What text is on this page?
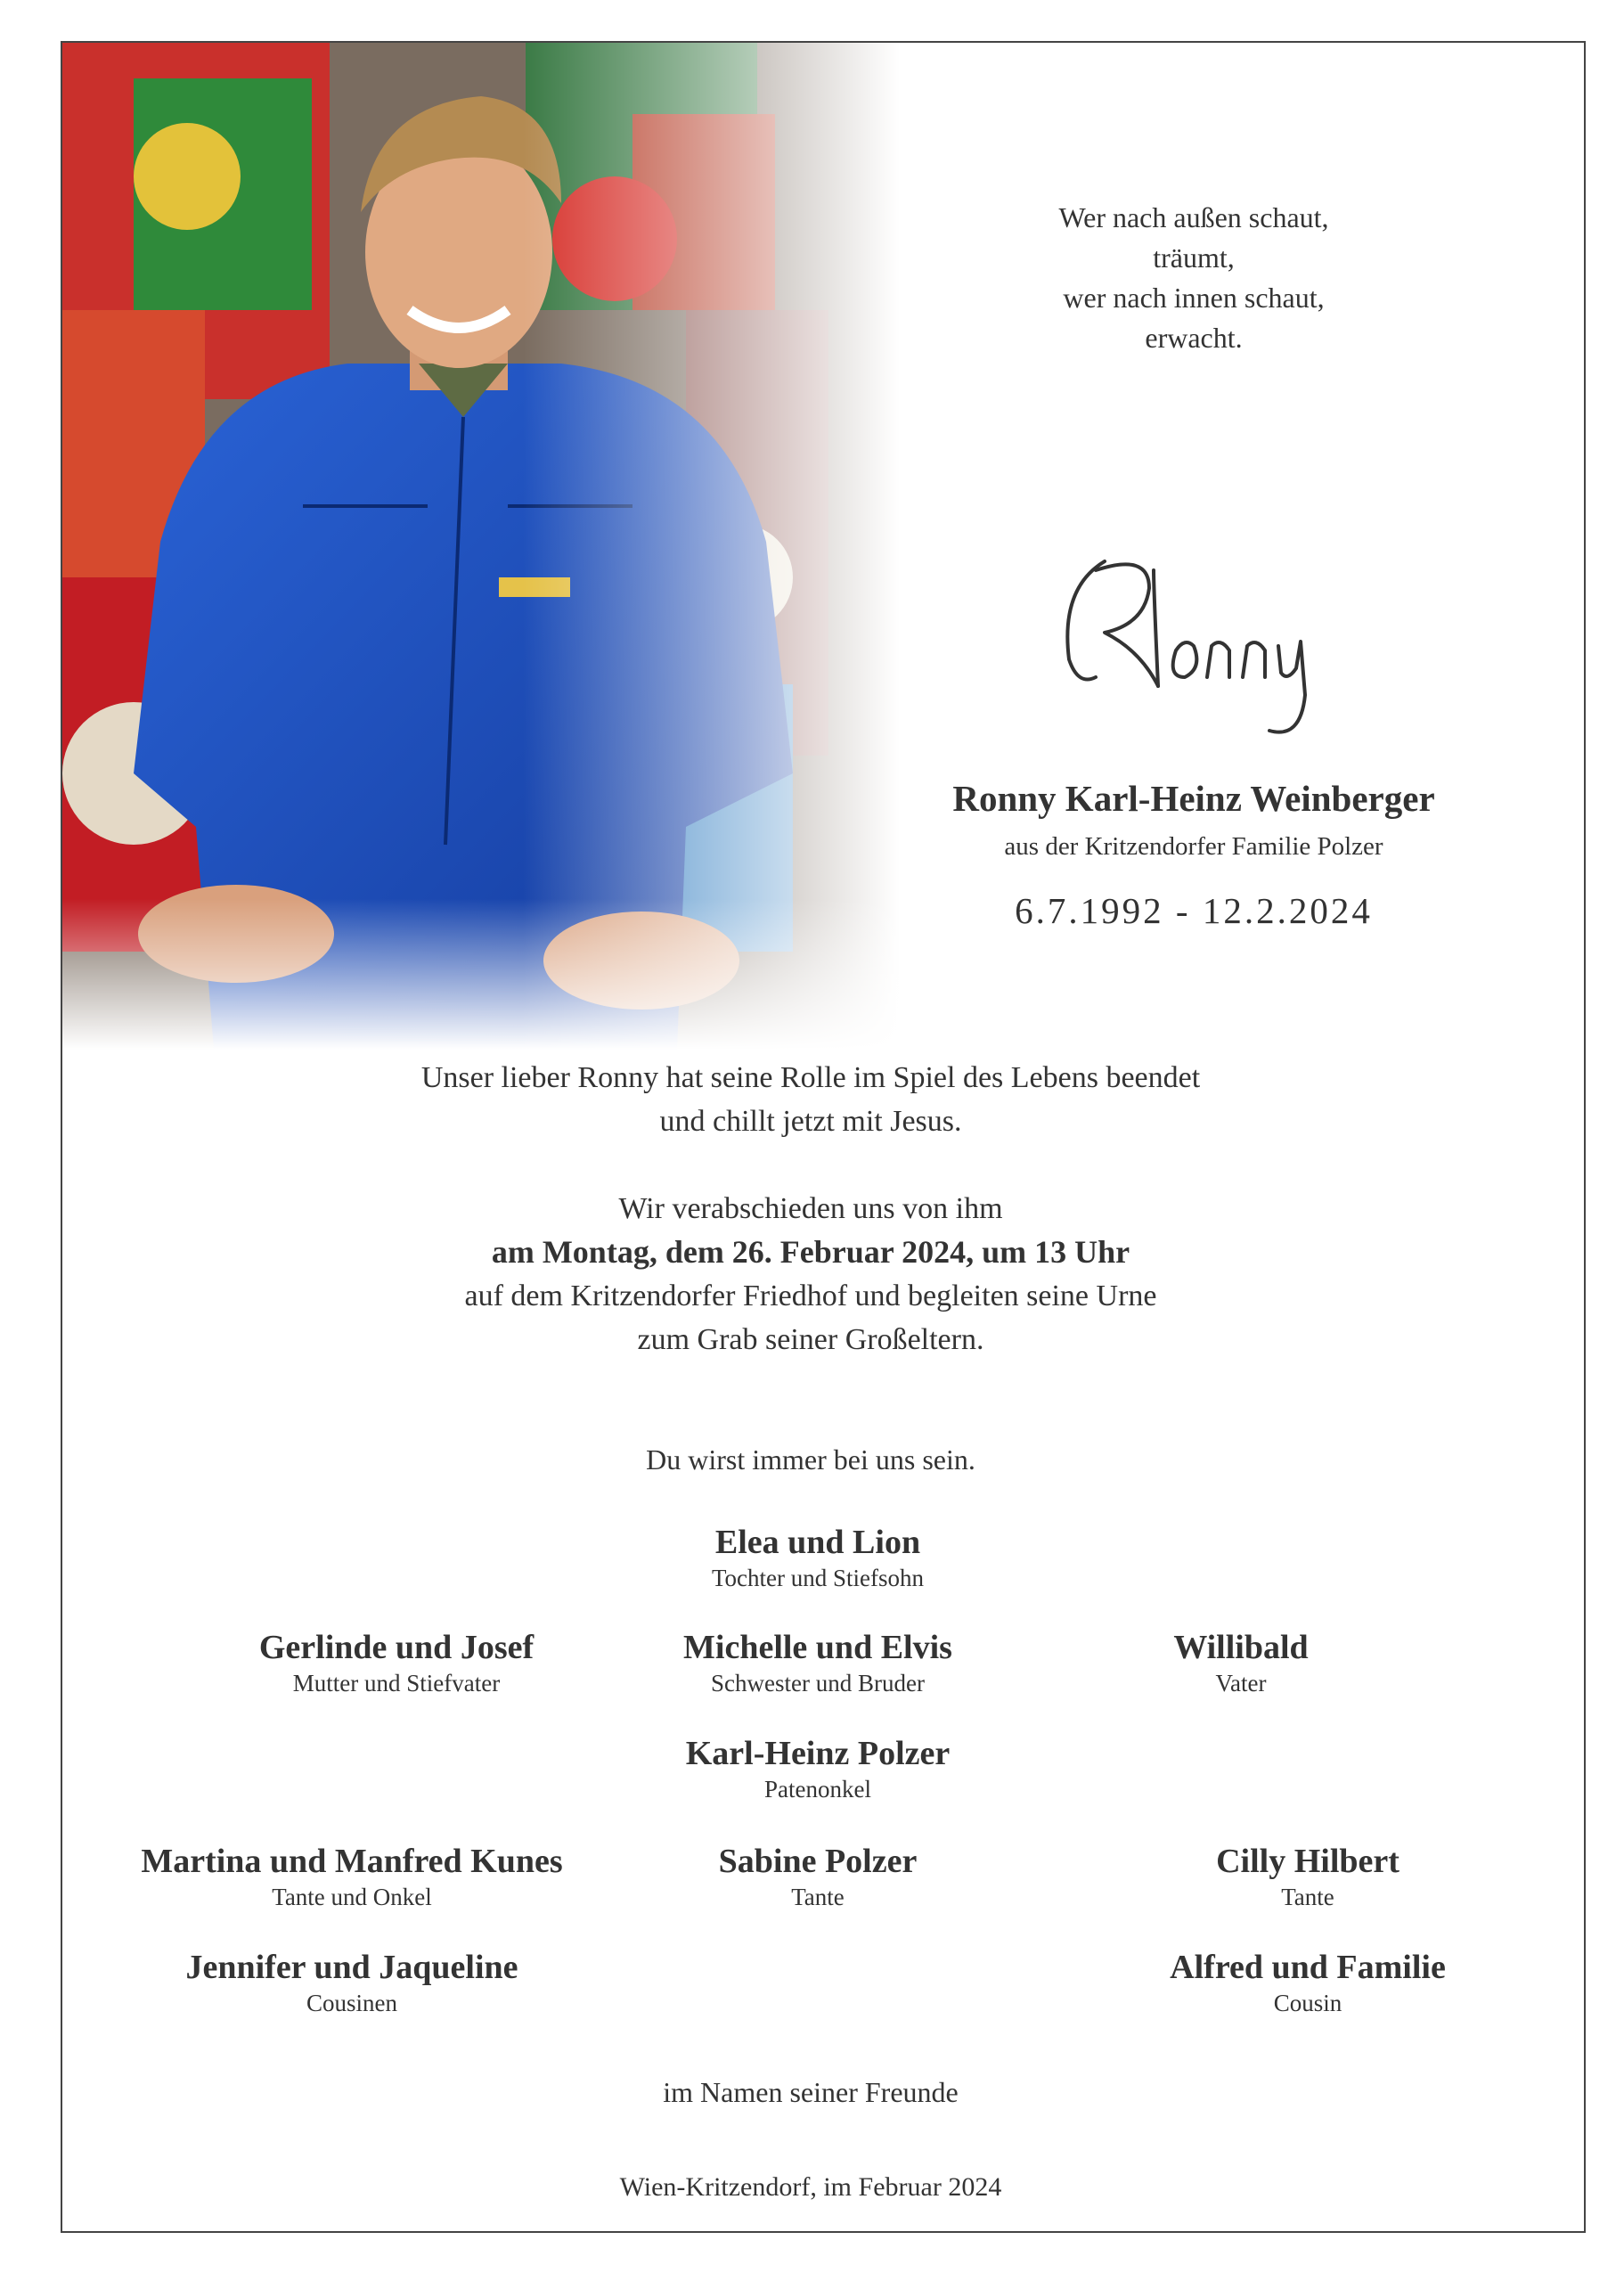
Wer nach außen schaut,
träumt,
wer nach innen schaut,
erwacht.
Ronny Karl-Heinz Weinberger
aus der Kritzendorfer Familie Polzer
6.7.1992 - 12.2.2024
Unser lieber Ronny hat seine Rolle im Spiel des Lebens beendet
und chillt jetzt mit Jesus.
Wir verabschieden uns von ihm
am Montag, dem 26. Februar 2024, um 13 Uhr
auf dem Kritzendorfer Friedhof und begleiten seine Urne
zum Grab seiner Großeltern.
Du wirst immer bei uns sein.
Elea und Lion
Tochter und Stiefsohn
Gerlinde und Josef
Mutter und Stiefvater
Michelle und Elvis
Schwester und Bruder
Willibald
Vater
Karl-Heinz Polzer
Patenonkel
Martina und Manfred Kunes
Tante und Onkel
Sabine Polzer
Tante
Cilly Hilbert
Tante
Jennifer und Jaqueline
Cousinen
Alfred und Familie
Cousin
im Namen seiner Freunde
Wien-Kritzendorf, im Februar 2024
